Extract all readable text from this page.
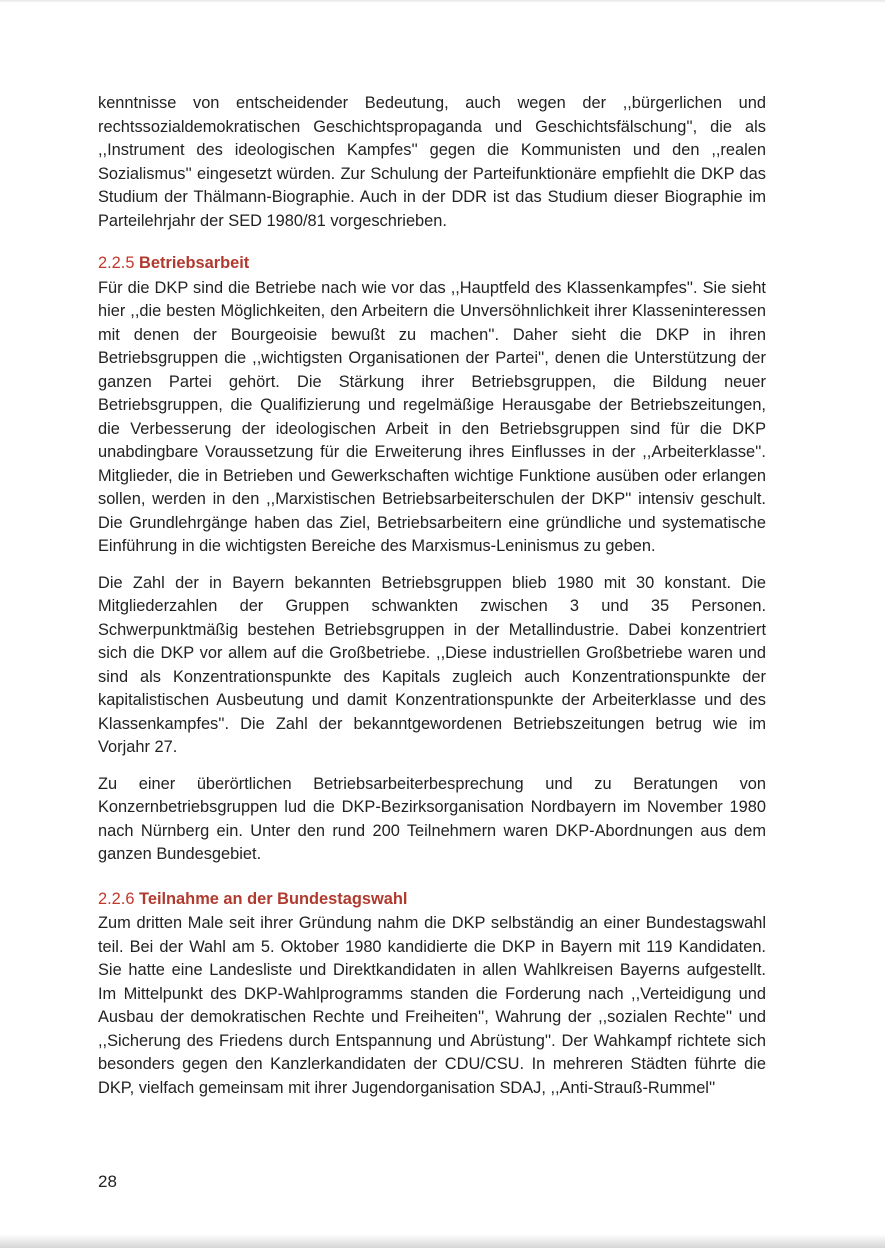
kenntnisse von entscheidender Bedeutung, auch wegen der ,,bürgerlichen und rechtssozialdemokratischen Geschichtspropaganda und Geschichtsfälschung'', die als ,,Instrument des ideologischen Kampfes'' gegen die Kommunisten und den ,,realen Sozialismus'' eingesetzt würden. Zur Schulung der Parteifunktionäre empfiehlt die DKP das Studium der Thälmann-Biographie. Auch in der DDR ist das Studium dieser Biographie im Parteilehrjahr der SED 1980/81 vorgeschrieben.

2.2.5 Betriebsarbeit

Für die DKP sind die Betriebe nach wie vor das ,,Hauptfeld des Klassenkampfes''. Sie sieht hier ,,die besten Möglichkeiten, den Arbeitern die Unversöhnlichkeit ihrer Klasseninteressen mit denen der Bourgeoisie bewußt zu machen''. Daher sieht die DKP in ihren Betriebsgruppen die ,,wichtigsten Organisationen der Partei'', denen die Unterstützung der ganzen Partei gehört. Die Stärkung ihrer Betriebsgruppen, die Bildung neuer Betriebsgruppen, die Qualifizierung und regelmäßige Herausgabe der Betriebszeitungen, die Verbesserung der ideologischen Arbeit in den Betriebsgruppen sind für die DKP unabdingbare Voraussetzung für die Erweiterung ihres Einflusses in der ,,Arbeiterklasse''. Mitglieder, die in Betrieben und Gewerkschaften wichtige Funktione ausüben oder erlangen sollen, werden in den ,,Marxistischen Betriebsarbeiterschulen der DKP'' intensiv geschult. Die Grundlehrgänge haben das Ziel, Betriebsarbeitern eine gründliche und systematische Einführung in die wichtigsten Bereiche des Marxismus-Leninismus zu geben.

Die Zahl der in Bayern bekannten Betriebsgruppen blieb 1980 mit 30 konstant. Die Mitgliederzahlen der Gruppen schwankten zwischen 3 und 35 Personen. Schwerpunktmäßig bestehen Betriebsgruppen in der Metallindustrie. Dabei konzentriert sich die DKP vor allem auf die Großbetriebe. ,,Diese industriellen Großbetriebe waren und sind als Konzentrationspunkte des Kapitals zugleich auch Konzentrationspunkte der kapitalistischen Ausbeutung und damit Konzentrationspunkte der Arbeiterklasse und des Klassenkampfes''. Die Zahl der bekanntgewordenen Betriebszeitungen betrug wie im Vorjahr 27.

Zu einer überörtlichen Betriebsarbeiterbesprechung und zu Beratungen von Konzernbetriebsgruppen lud die DKP-Bezirksorganisation Nordbayern im November 1980 nach Nürnberg ein. Unter den rund 200 Teilnehmern waren DKP-Abordnungen aus dem ganzen Bundesgebiet.

2.2.6 Teilnahme an der Bundestagswahl

Zum dritten Male seit ihrer Gründung nahm die DKP selbständig an einer Bundestagswahl teil. Bei der Wahl am 5. Oktober 1980 kandidierte die DKP in Bayern mit 119 Kandidaten. Sie hatte eine Landesliste und Direktkandidaten in allen Wahlkreisen Bayerns aufgestellt. Im Mittelpunkt des DKP-Wahlprogramms standen die Forderung nach ,,Verteidigung und Ausbau der demokratischen Rechte und Freiheiten'', Wahrung der ,,sozialen Rechte'' und ,,Sicherung des Friedens durch Entspannung und Abrüstung''. Der Wahkampf richtete sich besonders gegen den Kanzlerkandidaten der CDU/CSU. In mehreren Städten führte die DKP, vielfach gemeinsam mit ihrer Jugendorganisation SDAJ, ,,Anti-Strauß-Rummel''

28
